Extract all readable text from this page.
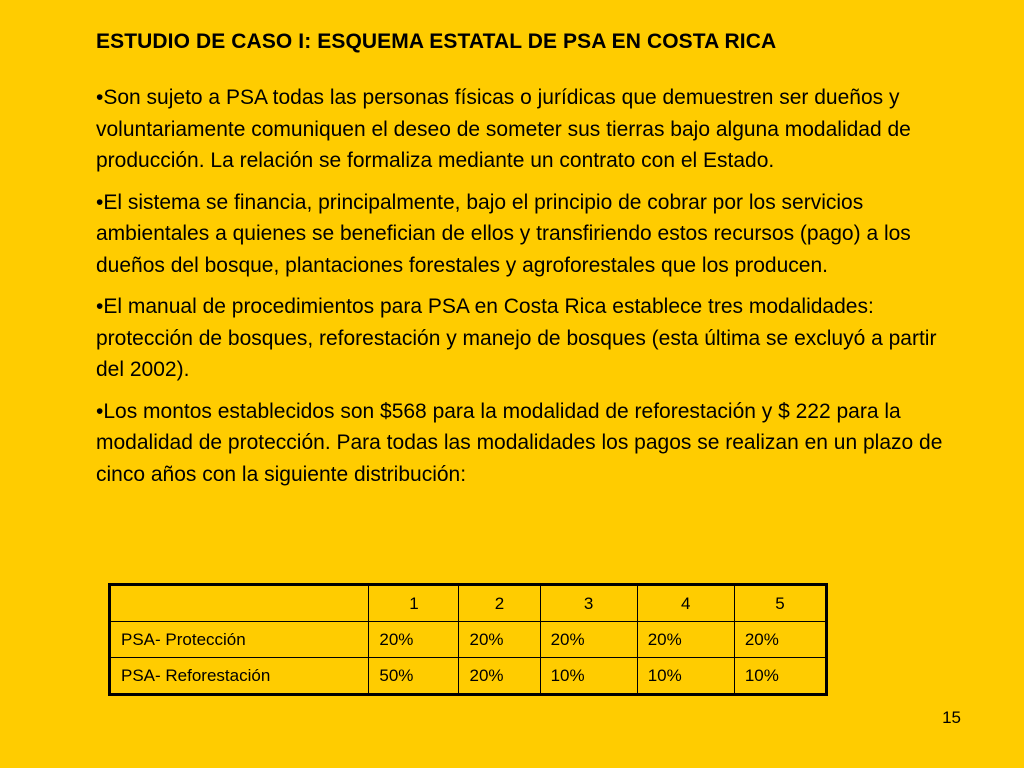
ESTUDIO DE CASO I: ESQUEMA ESTATAL DE PSA EN COSTA RICA

•Son sujeto a PSA todas las personas físicas o jurídicas que demuestren ser dueños y voluntariamente comuniquen el deseo de someter sus tierras bajo alguna modalidad de producción. La relación se formaliza mediante un contrato con el Estado.

•El sistema se financia, principalmente, bajo el principio de cobrar por los servicios ambientales a quienes se benefician de ellos y transfiriendo estos recursos (pago) a los dueños del bosque, plantaciones forestales y agroforestales que los producen.

•El manual de procedimientos para PSA en Costa Rica establece tres modalidades: protección de bosques, reforestación y manejo de bosques (esta última se excluyó a partir del 2002).

•Los montos establecidos son $568 para la modalidad de reforestación y $ 222 para la modalidad de protección. Para todas las modalidades los pagos se realizan en un plazo de cinco años con la siguiente distribución:

	1	2	3	4	5
PSA- Protección	20%	20%	20%	20%	20%
PSA- Reforestación	50%	20%	10%	10%	10%
15
